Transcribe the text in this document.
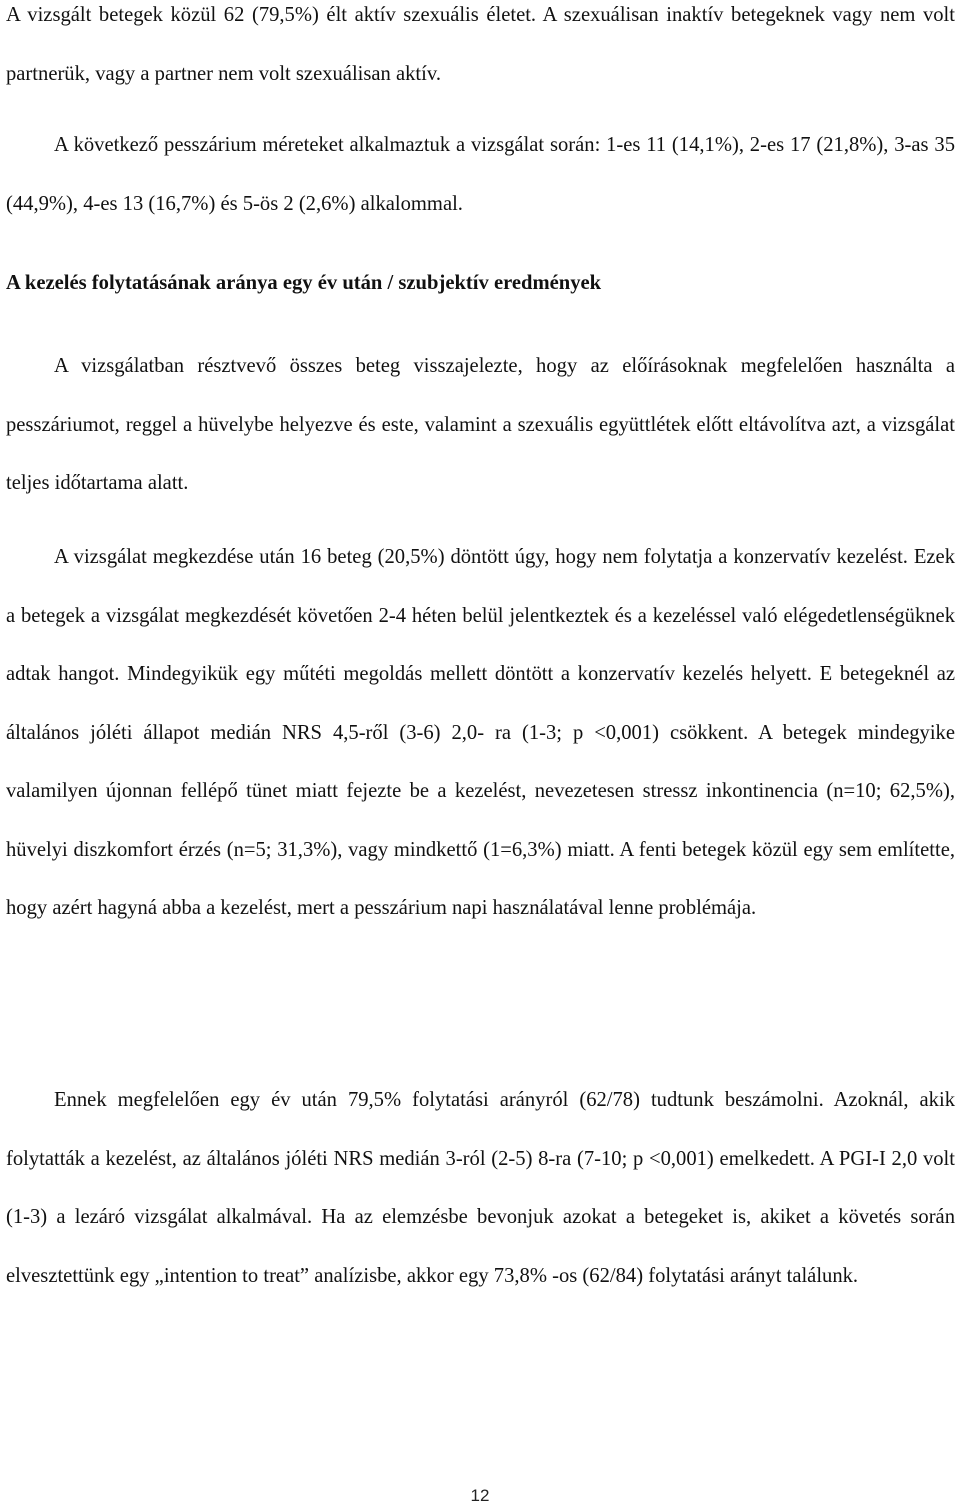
A vizsgált betegek közül 62 (79,5%) élt aktív szexuális életet. A szexuálisan inaktív betegeknek vagy nem volt partnerük, vagy a partner nem volt szexuálisan aktív.

A következő pesszárium méreteket alkalmaztuk a vizsgálat során: 1-es 11 (14,1%), 2-es 17 (21,8%), 3-as 35 (44,9%), 4-es 13 (16,7%) és 5-ös 2 (2,6%) alkalommal.

A kezelés folytatásának aránya egy év után / szubjektív eredmények

A vizsgálatban résztvevő összes beteg visszajelezte, hogy az előírásoknak megfelelően használta a pesszáriumot, reggel a hüvelybe helyezve és este, valamint a szexuális együttlétek előtt eltávolítva azt, a vizsgálat teljes időtartama alatt.

A vizsgálat megkezdése után 16 beteg (20,5%) döntött úgy, hogy nem folytatja a konzervatív kezelést. Ezek a betegek a vizsgálat megkezdését követően 2-4 héten belül jelentkeztek és a kezeléssel való elégedetlenségüknek adtak hangot. Mindegyikük egy műtéti megoldás mellett döntött a konzervatív kezelés helyett. E betegeknél az általános jóléti állapot medián NRS 4,5-ről (3-6) 2,0- ra (1-3; p <0,001) csökkent. A betegek mindegyike valamilyen újonnan fellépő tünet miatt fejezte be a kezelést, nevezetesen stressz inkontinencia (n=10; 62,5%), hüvelyi diszkomfort érzés (n=5; 31,3%), vagy mindkettő (1=6,3%) miatt. A fenti betegek közül egy sem említette, hogy azért hagyná abba a kezelést, mert a pesszárium napi használatával lenne problémája.

Ennek megfelelően egy év után 79,5% folytatási arányról (62/78) tudtunk beszámolni. Azoknál, akik folytatták a kezelést, az általános jóléti NRS medián 3-ról (2-5) 8-ra (7-10; p <0,001) emelkedett. A PGI-I 2,0 volt (1-3) a lezáró vizsgálat alkalmával. Ha az elemzésbe bevonjuk azokat a betegeket is, akiket a követés során elvesztettünk egy „intention to treat” analízisbe, akkor egy 73,8% -os (62/84) folytatási arányt találunk.

12
